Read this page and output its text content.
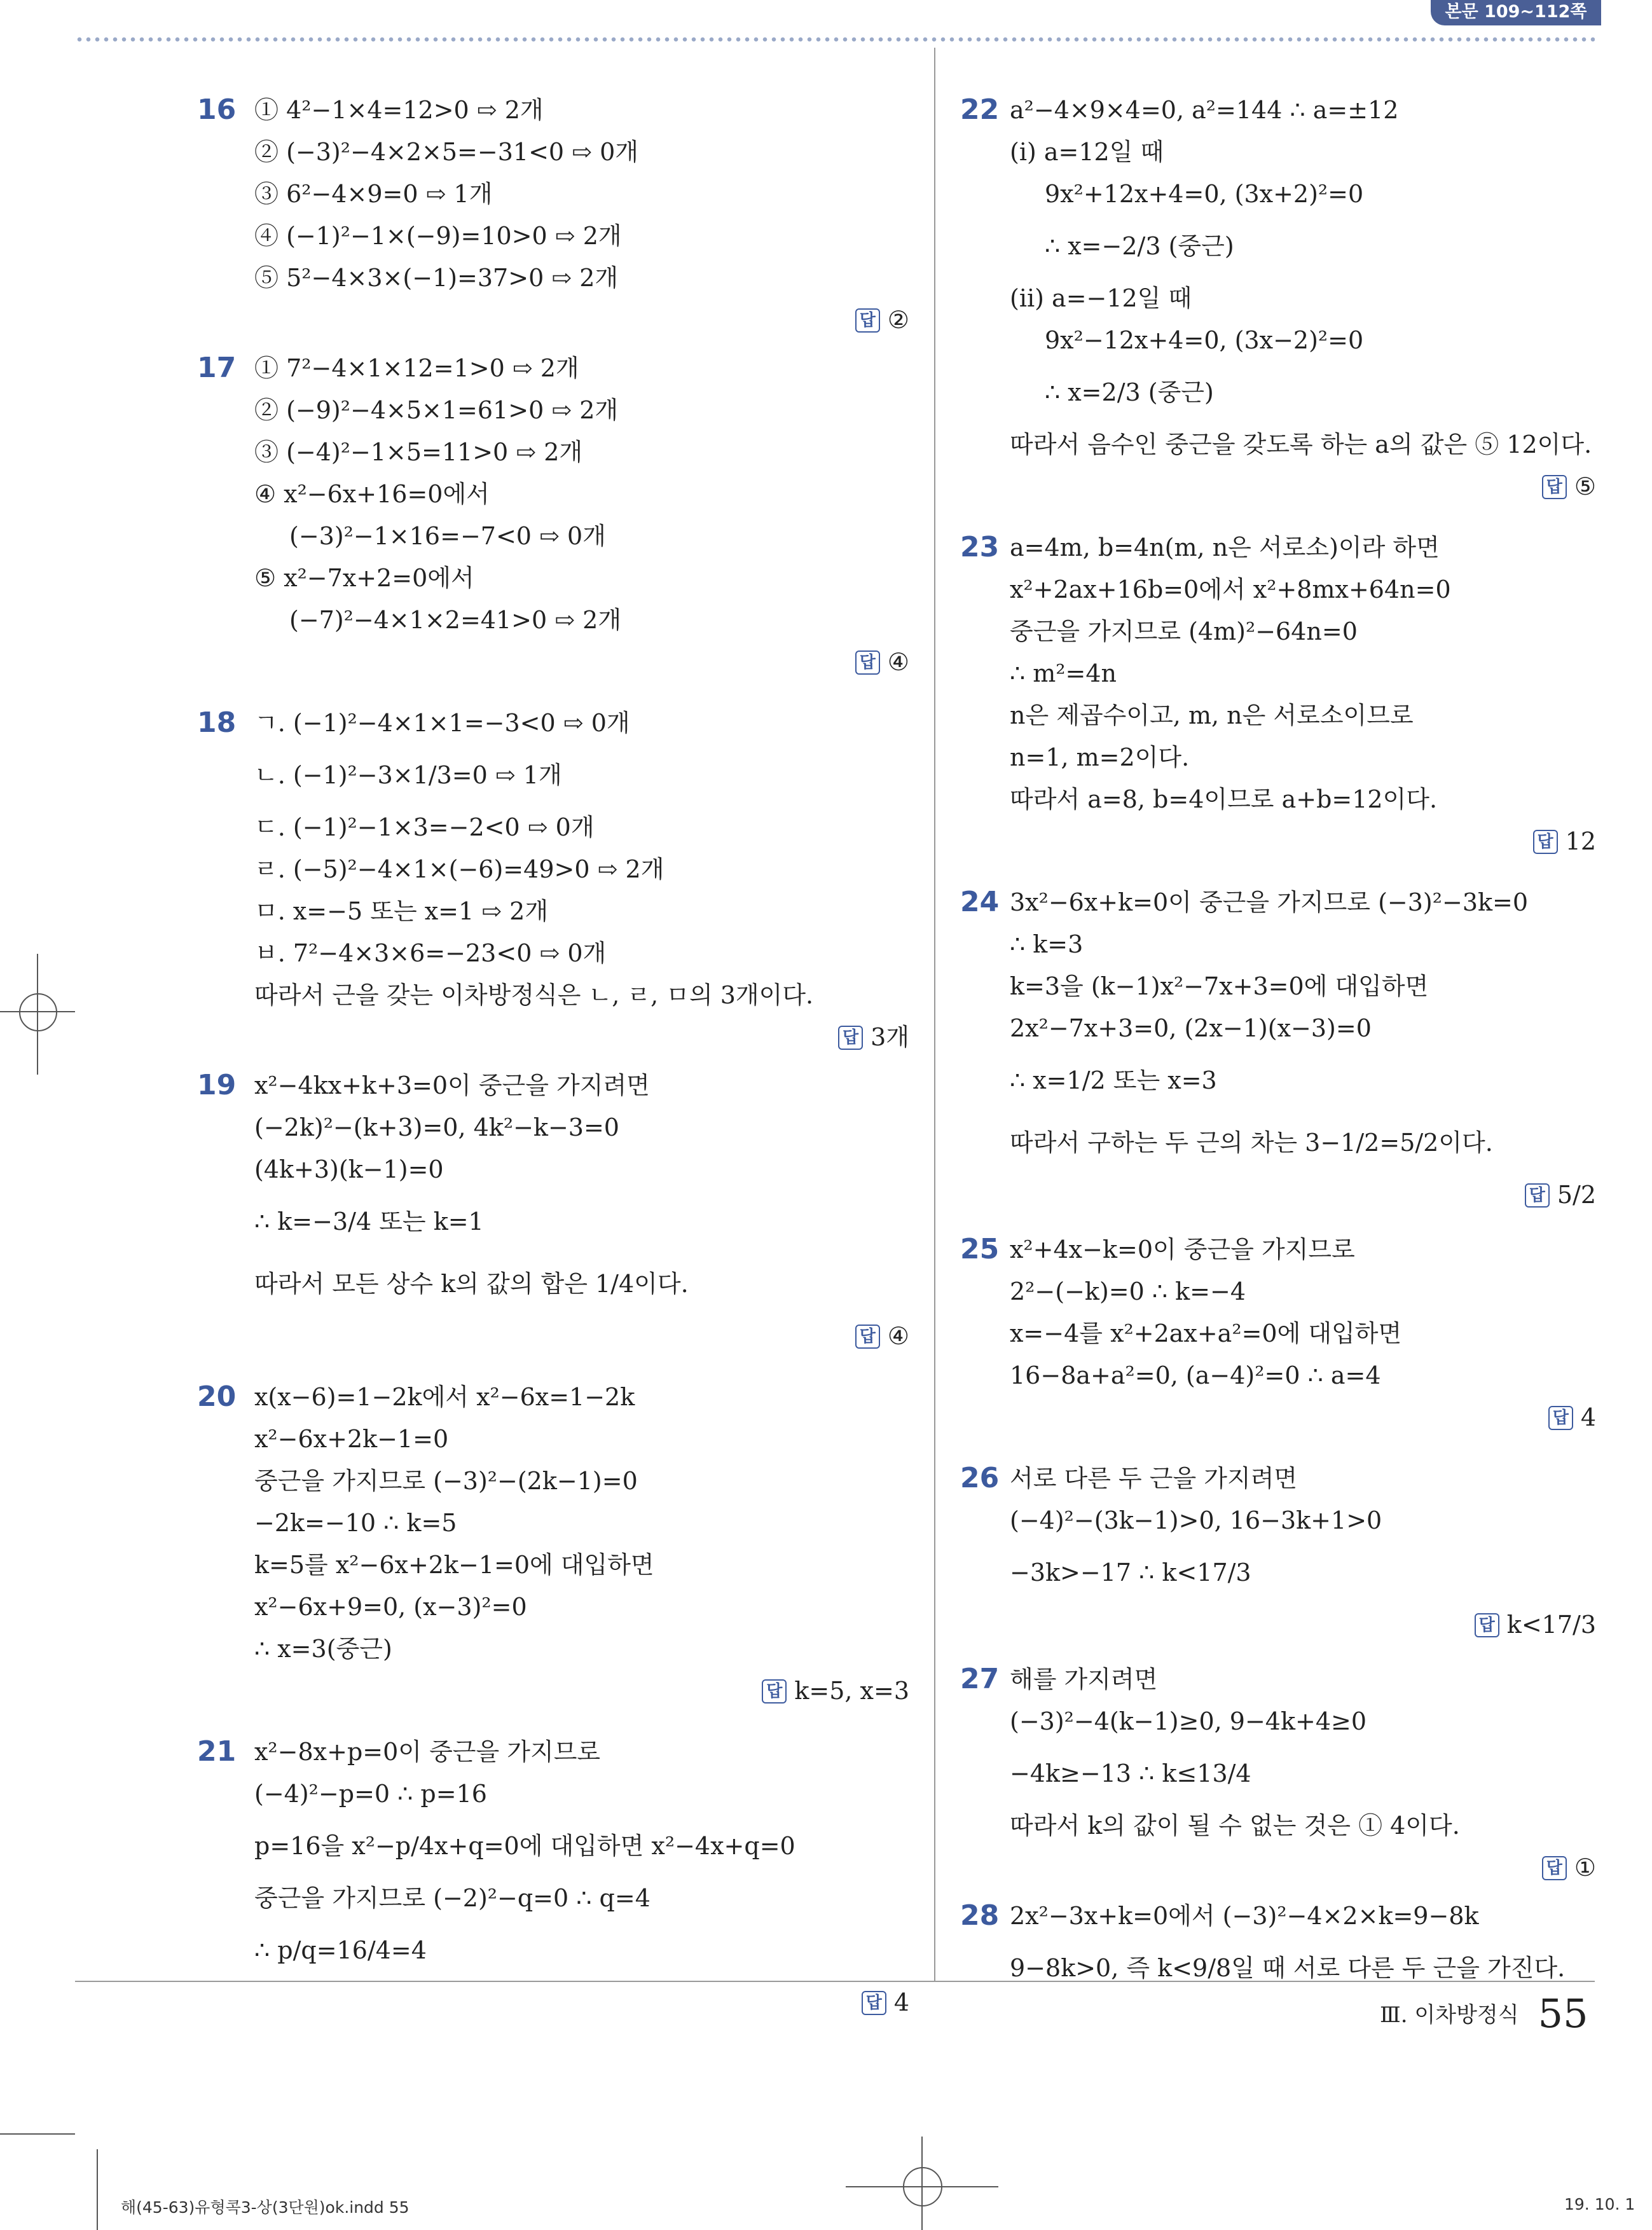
본문 109~112쪽
16 ① 4²−1×4=12>0 ⇨ 2개
② (−3)²−4×2×5=−31<0 ⇨ 0개
③ 6²−4×9=0 ⇨ 1개
④ (−1)²−1×(−9)=10>0 ⇨ 2개
⑤ 5²−4×3×(−1)=37>0 ⇨ 2개
답 ②
17 ① 7²−4×1×12=1>0 ⇨ 2개
② (−9)²−4×5×1=61>0 ⇨ 2개
③ (−4)²−1×5=11>0 ⇨ 2개
④ x²−6x+16=0에서
(−3)²−1×16=−7<0 ⇨ 0개
⑤ x²−7x+2=0에서
(−7)²−4×1×2=41>0 ⇨ 2개
답 ④
18 ㄱ. (−1)²−4×1×1=−3<0 ⇨ 0개
ㄴ. (−1)²−3×1/3=0 ⇨ 1개
ㄷ. (−1)²−1×3=−2<0 ⇨ 0개
ㄹ. (−5)²−4×1×(−6)=49>0 ⇨ 2개
ㅁ. x=−5 또는 x=1 ⇨ 2개
ㅂ. 7²−4×3×6=−23<0 ⇨ 0개
따라서 근을 갖는 이차방정식은 ㄴ, ㄹ, ㅁ의 3개이다.
답 3개
19 x²−4kx+k+3=0이 중근을 가지려면
(−2k)²−(k+3)=0, 4k²−k−3=0
(4k+3)(k−1)=0
∴ k=−3/4 또는 k=1
따라서 모든 상수 k의 값의 합은 1/4이다.
답 ④
20 x(x−6)=1−2k에서 x²−6x=1−2k
x²−6x+2k−1=0
중근을 가지므로 (−3)²−(2k−1)=0
−2k=−10 ∴ k=5
k=5를 x²−6x+2k−1=0에 대입하면
x²−6x+9=0, (x−3)²=0
∴ x=3(중근)
답 k=5, x=3
21 x²−8x+p=0이 중근을 가지므로
(−4)²−p=0 ∴ p=16
p=16을 x²−p/4x+q=0에 대입하면 x²−4x+q=0
중근을 가지므로 (−2)²−q=0 ∴ q=4
∴ p/q=16/4=4
답 4
22 a²−4×9×4=0, a²=144 ∴ a=±12
(ⅰ) a=12일 때
9x²+12x+4=0, (3x+2)²=0
∴ x=−2/3 (중근)
(ⅱ) a=−12일 때
9x²−12x+4=0, (3x−2)²=0
∴ x=2/3 (중근)
따라서 음수인 중근을 갖도록 하는 a의 값은 ⑤ 12이다.
답 ⑤
23 a=4m, b=4n(m, n은 서로소)이라 하면
x²+2ax+16b=0에서 x²+8mx+64n=0
중근을 가지므로 (4m)²−64n=0
∴ m²=4n
n은 제곱수이고, m, n은 서로소이므로
n=1, m=2이다.
따라서 a=8, b=4이므로 a+b=12이다.
답 12
24 3x²−6x+k=0이 중근을 가지므로 (−3)²−3k=0
∴ k=3
k=3을 (k−1)x²−7x+3=0에 대입하면
2x²−7x+3=0, (2x−1)(x−3)=0
∴ x=1/2 또는 x=3
따라서 구하는 두 근의 차는 3−1/2=5/2이다.
답 5/2
25 x²+4x−k=0이 중근을 가지므로
2²−(−k)=0 ∴ k=−4
x=−4를 x²+2ax+a²=0에 대입하면
16−8a+a²=0, (a−4)²=0 ∴ a=4
답 4
26 서로 다른 두 근을 가지려면
(−4)²−(3k−1)>0, 16−3k+1>0
−3k>−17 ∴ k<17/3
답 k<17/3
27 해를 가지려면
(−3)²−4(k−1)≥0, 9−4k+4≥0
−4k≥−13 ∴ k≤13/4
따라서 k의 값이 될 수 없는 것은 ① 4이다.
답 ①
28 2x²−3x+k=0에서 (−3)²−4×2×k=9−8k
9−8k>0, 즉 k<9/8일 때 서로 다른 두 근을 가진다.
Ⅲ. 이차방정식 55
해(45-63)유형콕3-상(3단원)ok.indd 55	19. 10. 1
